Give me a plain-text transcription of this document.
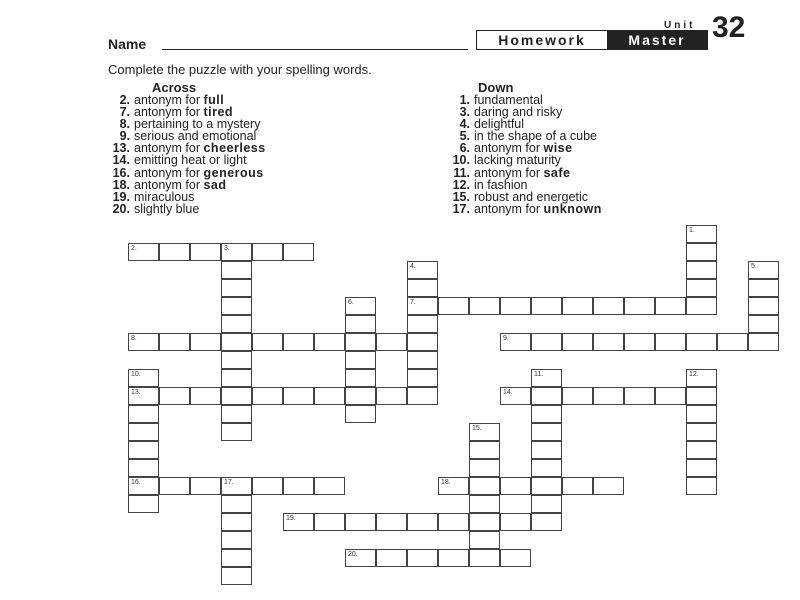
Name
Unit 32
Homework	Master
Complete the puzzle with your spelling words.
Across
2. antonym for full
7. antonym for tired
8. pertaining to a mystery
9. serious and emotional
13. antonym for cheerless
14. emitting heat or light
16. antonym for generous
18. antonym for sad
19. miraculous
20. slightly blue
Down
1. fundamental
3. daring and risky
4. delightful
5. in the shape of a cube
6. antonym for wise
10. lacking maturity
11. antonym for safe
12. in fashion
15. robust and energetic
17. antonym for unknown
2.	3.
1.
4.
7.
5.
6.
8.	9.
10.
13.
16.
11.	12.
14.
15.
17.	18.
19.
20.
